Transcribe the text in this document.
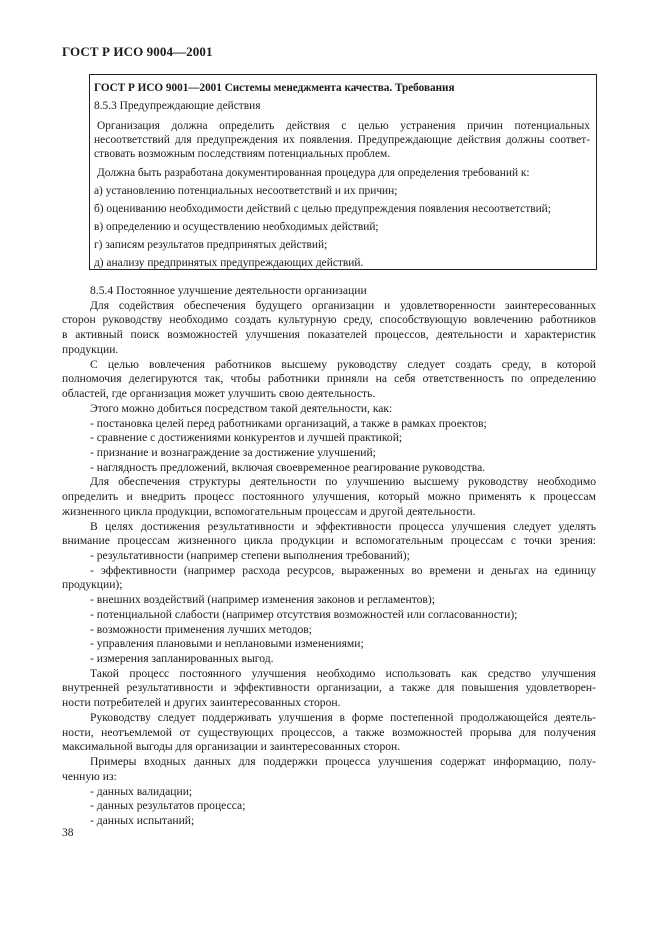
ГОСТ Р ИСО 9004—2001
ГОСТ Р ИСО 9001—2001 Системы менеджмента качества. Требования
8.5.3 Предупреждающие действия
Организация должна определить действия с целью устранения причин потенциальных
несоответствий для предупреждения их появления. Предупреждающие действия должны соответ-
ствовать возможным последствиям потенциальных проблем.
Должна быть разработана документированная процедура для определения требований к:
а) установлению потенциальных несоответствий и их причин;
б) оцениванию необходимости действий с целью предупреждения появления несоответствий;
в) определению и осуществлению необходимых действий;
г) записям результатов предпринятых действий;
д) анализу предпринятых предупреждающих действий.
8.5.4 Постоянное улучшение деятельности организации
Для содействия обеспечения будущего организации и удовлетворенности заинтересованных
сторон руководству необходимо создать культурную среду, способствующую вовлечению работников
в активный поиск возможностей улучшения показателей процессов, деятельности и характеристик
продукции.
С целью вовлечения работников высшему руководству следует создать среду, в которой
полномочия делегируются так, чтобы работники приняли на себя ответственность по определению
областей, где организация может улучшить свою деятельность.
Этого можно добиться посредством такой деятельности, как:
- постановка целей перед работниками организаций, а также в рамках проектов;
- сравнение с достижениями конкурентов и лучшей практикой;
- признание и вознаграждение за достижение улучшений;
- наглядность предложений, включая своевременное реагирование руководства.
Для обеспечения структуры деятельности по улучшению высшему руководству необходимо
определить и внедрить процесс постоянного улучшения, который можно применять к процессам
жизненного цикла продукции, вспомогательным процессам и другой деятельности.
В целях достижения результативности и эффективности процесса улучшения следует уделять
внимание процессам жизненного цикла продукции и вспомогательным процессам с точки зрения:
- результативности (например степени выполнения требований);
- эффективности (например расхода ресурсов, выраженных во времени и деньгах на единицу
продукции);
- внешних воздействий (например изменения законов и регламентов);
- потенциальной слабости (например отсутствия возможностей или согласованности);
- возможности применения лучших методов;
- управления плановыми и неплановыми изменениями;
- измерения запланированных выгод.
Такой процесс постоянного улучшения необходимо использовать как средство улучшения
внутренней результативности и эффективности организации, а также для повышения удовлетворен-
ности потребителей и других заинтересованных сторон.
Руководству следует поддерживать улучшения в форме постепенной продолжающейся деятель-
ности, неотъемлемой от существующих процессов, а также возможностей прорыва для получения
максимальной выгоды для организации и заинтересованных сторон.
Примеры входных данных для поддержки процесса улучшения содержат информацию, полу-
ченную из:
- данных валидации;
- данных результатов процесса;
- данных испытаний;
38
